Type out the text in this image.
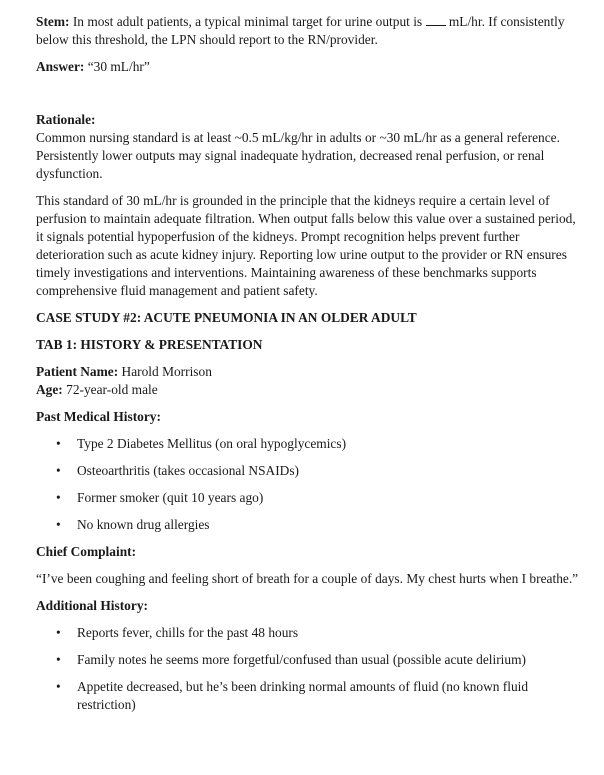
Stem: In most adult patients, a typical minimal target for urine output is  mL/hr. If consistently below this threshold, the LPN should report to the RN/provider.

Answer: “30 mL/hr”

Rationale:

Common nursing standard is at least ~0.5 mL/kg/hr in adults or ~30 mL/hr as a general reference. Persistently lower outputs may signal inadequate hydration, decreased renal perfusion, or renal dysfunction.

This standard of 30 mL/hr is grounded in the principle that the kidneys require a certain level of perfusion to maintain adequate filtration. When output falls below this value over a sustained period, it signals potential hypoperfusion of the kidneys. Prompt recognition helps prevent further deterioration such as acute kidney injury. Reporting low urine output to the provider or RN ensures timely investigations and interventions. Maintaining awareness of these benchmarks supports comprehensive fluid management and patient safety.

CASE STUDY #2: ACUTE PNEUMONIA IN AN OLDER ADULT

TAB 1: HISTORY & PRESENTATION

Patient Name: Harold Morrison

Age: 72-year-old male

Past Medical History:

• Type 2 Diabetes Mellitus (on oral hypoglycemics)
• Osteoarthritis (takes occasional NSAIDs)
• Former smoker (quit 10 years ago)
• No known drug allergies

Chief Complaint:

“I’ve been coughing and feeling short of breath for a couple of days. My chest hurts when I breathe.”

Additional History:

• Reports fever, chills for the past 48 hours
• Family notes he seems more forgetful/confused than usual (possible acute delirium)
• Appetite decreased, but he’s been drinking normal amounts of fluid (no known fluid restriction)
